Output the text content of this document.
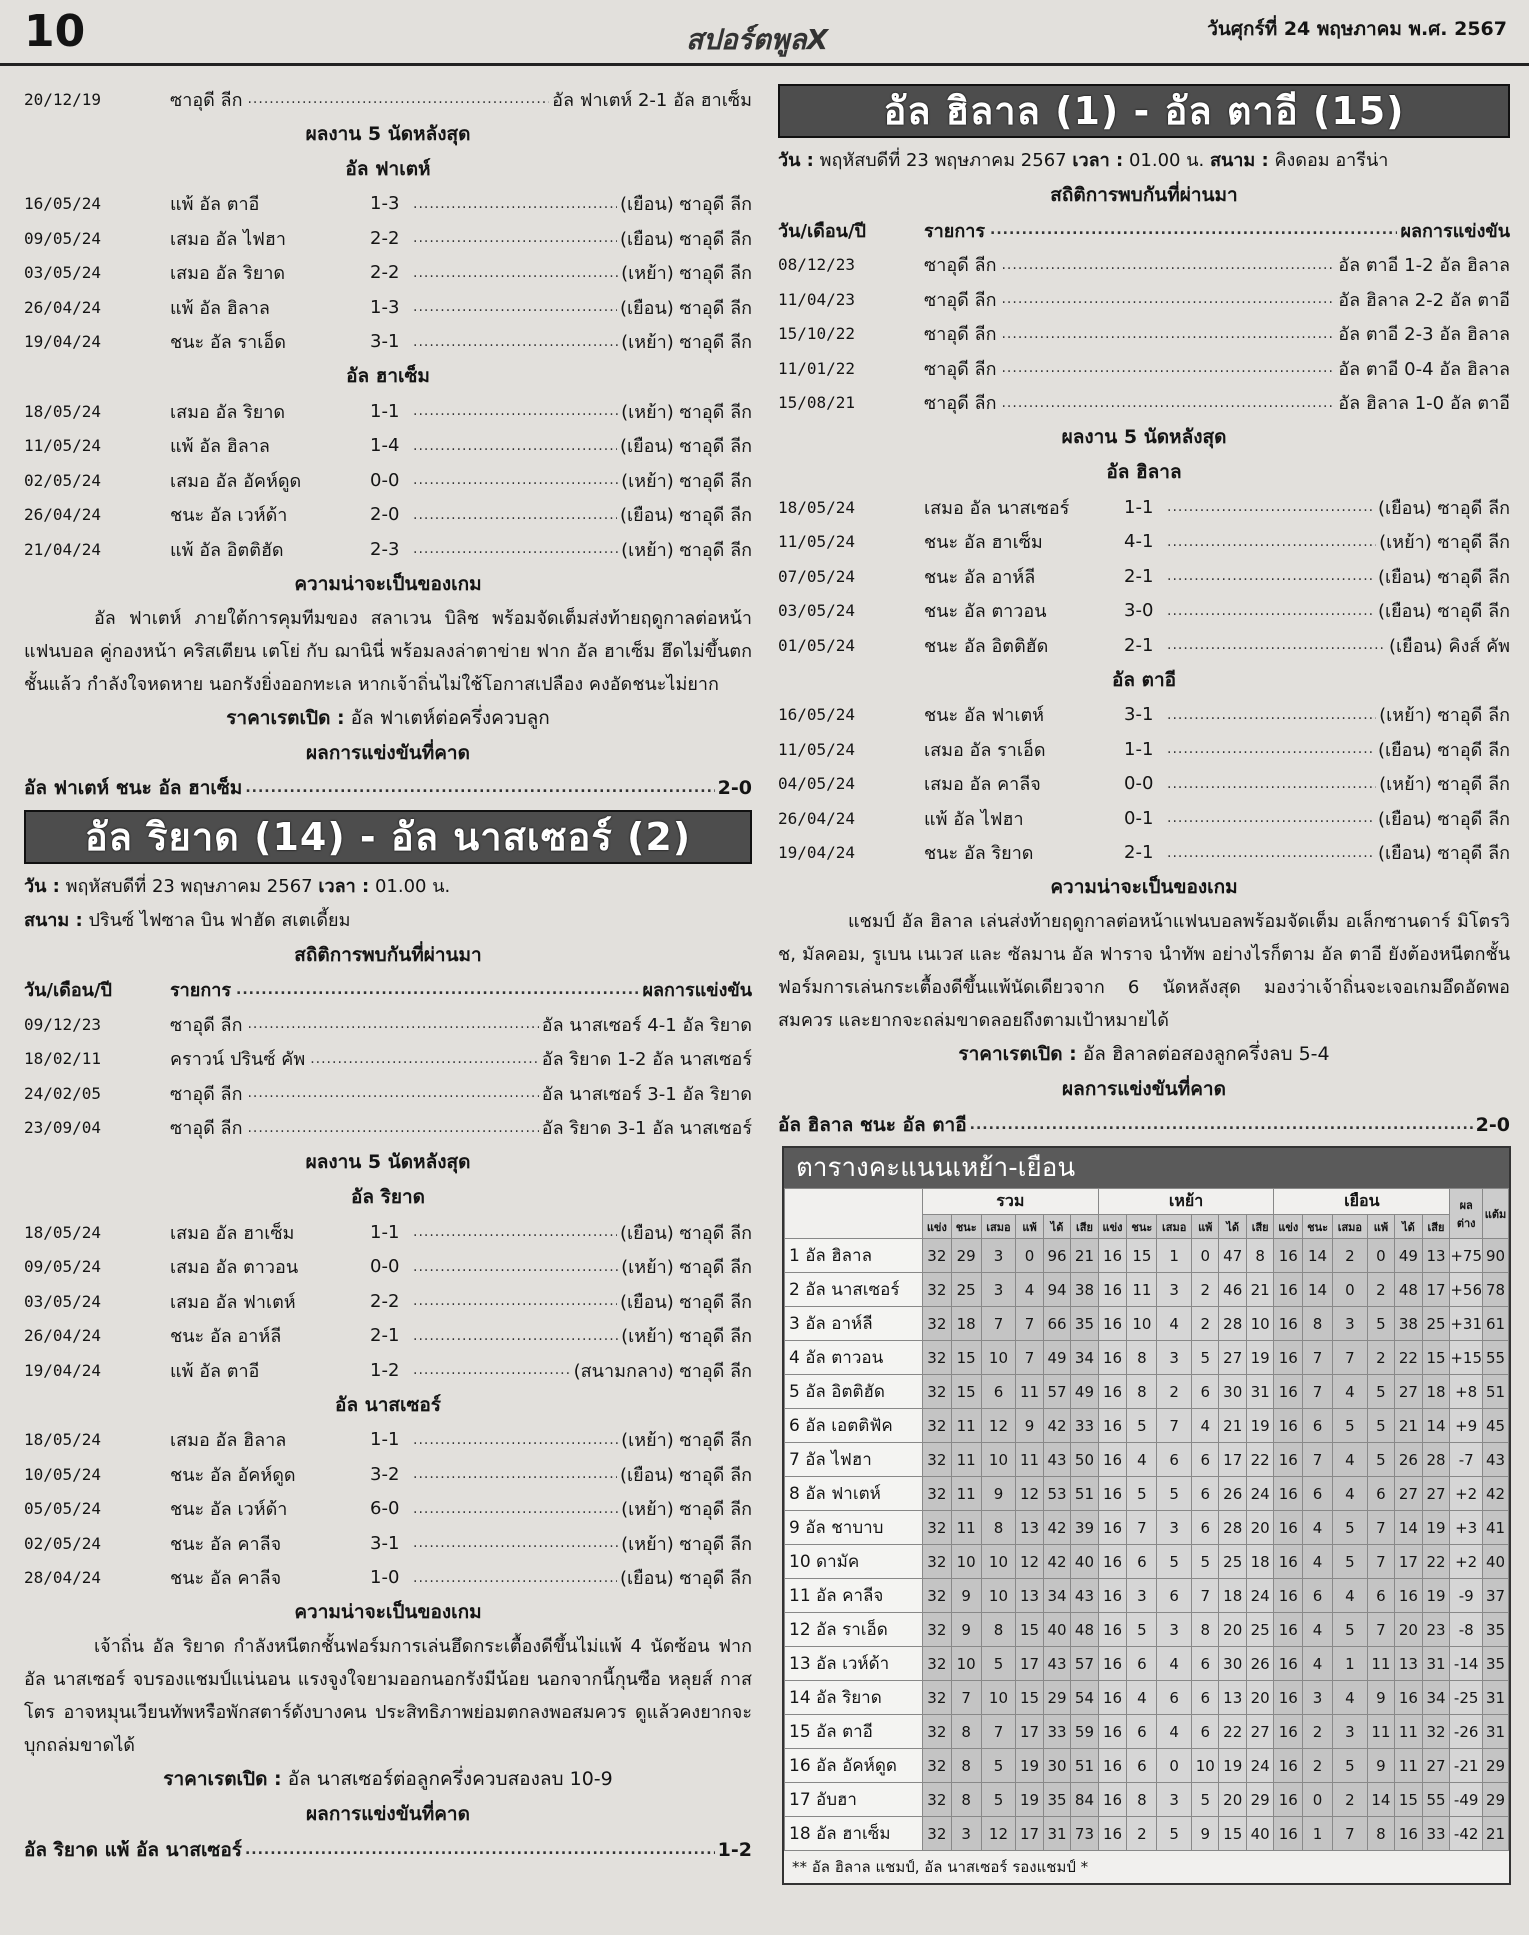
10	สปอร์ตพูลX	วันศุกร์ที่ 24 พฤษภาคม พ.ศ. 2567
20/12/19	ซาอุดี ลีก .....	อัล ฟาเตห์ 2-1 อัล ฮาเซ็ม
ผลงาน 5 นัดหลังสุด
อัล ฟาเตห์
16/05/24	แพ้ อัล ตาอี	1-3 .....	(เยือน) ซาอุดี ลีก
09/05/24	เสมอ อัล ไฟฮา	2-2 .....	(เยือน) ซาอุดี ลีก
03/05/24	เสมอ อัล ริยาด	2-2 .....	(เหย้า) ซาอุดี ลีก
26/04/24	แพ้ อัล ฮิลาล	1-3 .....	(เยือน) ซาอุดี ลีก
19/04/24	ชนะ อัล ราเอ็ด	3-1 .....	(เหย้า) ซาอุดี ลีก
อัล ฮาเซ็ม
18/05/24	เสมอ อัล ริยาด	1-1 .....	(เหย้า) ซาอุดี ลีก
11/05/24	แพ้ อัล ฮิลาล	1-4 .....	(เยือน) ซาอุดี ลีก
02/05/24	เสมอ อัล อัคห์ดูด	0-0 .....	(เหย้า) ซาอุดี ลีก
26/04/24	ชนะ อัล เวห์ด้า	2-0 .....	(เยือน) ซาอุดี ลีก
21/04/24	แพ้ อัล อิตติฮัด	2-3 .....	(เหย้า) ซาอุดี ลีก
ความน่าจะเป็นของเกม
อัล ฟาเตห์ ภายใต้การคุมทีมของ สลาเวน บิลิช พร้อมจัดเต็มส่งท้ายฤดูกาลต่อหน้าแฟนบอล คู่กองหน้า คริสเตียน เตโย่ กับ ฌานินี่ พร้อมลงล่าตาข่าย ฟาก อัล ฮาเซ็ม ฮึดไม่ขึ้นตกชั้นแล้ว กำลังใจหดหาย นอกรังยิ่งออกทะเล หากเจ้าถิ่นไม่ใช้โอกาสเปลือง คงอัดชนะไม่ยาก
ราคาเรตเปิด : อัล ฟาเตห์ต่อครึ่งควบลูก
ผลการแข่งขันที่คาด
อัล ฟาเตห์ ชนะ อัล ฮาเซ็ม .....	2-0
อัล ริยาด (14) - อัล นาสเซอร์ (2)
วัน : พฤหัสบดีที่ 23 พฤษภาคม 2567 เวลา : 01.00 น.
สนาม : ปรินซ์ ไฟซาล บิน ฟาฮัด สเตเดี้ยม
สถิติการพบกันที่ผ่านมา
วัน/เดือน/ปี	รายการ .....	ผลการแข่งขัน
09/12/23	ซาอุดี ลีก .....	อัล นาสเซอร์ 4-1 อัล ริยาด
18/02/11	คราวน์ ปรินซ์ คัพ .....	อัล ริยาด 1-2 อัล นาสเซอร์
24/02/05	ซาอุดี ลีก .....	อัล นาสเซอร์ 3-1 อัล ริยาด
23/09/04	ซาอุดี ลีก .....	อัล ริยาด 3-1 อัล นาสเซอร์
ผลงาน 5 นัดหลังสุด
อัล ริยาด
18/05/24	เสมอ อัล ฮาเซ็ม	1-1 .....	(เยือน) ซาอุดี ลีก
09/05/24	เสมอ อัล ตาวอน	0-0 .....	(เหย้า) ซาอุดี ลีก
03/05/24	เสมอ อัล ฟาเตห์	2-2 .....	(เยือน) ซาอุดี ลีก
26/04/24	ชนะ อัล อาห์ลี	2-1 .....	(เหย้า) ซาอุดี ลีก
19/04/24	แพ้ อัล ตาอี	1-2 .....	(สนามกลาง) ซาอุดี ลีก
อัล นาสเซอร์
18/05/24	เสมอ อัล ฮิลาล	1-1 .....	(เหย้า) ซาอุดี ลีก
10/05/24	ชนะ อัล อัคห์ดูด	3-2 .....	(เยือน) ซาอุดี ลีก
05/05/24	ชนะ อัล เวห์ด้า	6-0 .....	(เหย้า) ซาอุดี ลีก
02/05/24	ชนะ อัล คาลีจ	3-1 .....	(เหย้า) ซาอุดี ลีก
28/04/24	ชนะ อัล คาลีจ	1-0 .....	(เยือน) ซาอุดี ลีก
ความน่าจะเป็นของเกม
เจ้าถิ่น อัล ริยาด กำลังหนีตกชั้นฟอร์มการเล่นฮึดกระเตื้องดีขึ้นไม่แพ้ 4 นัดซ้อน ฟาก อัล นาสเซอร์ จบรองแชมป์แน่นอน แรงจูงใจยามออกนอกรังมีน้อย นอกจากนี้กุนซือ หลุยส์ กาสโตร อาจหมุนเวียนทัพหรือพักสตาร์ดังบางคน ประสิทธิภาพย่อมตกลงพอสมควร ดูแล้วคงยากจะบุกถล่มขาดได้
ราคาเรตเปิด : อัล นาสเซอร์ต่อลูกครึ่งควบสองลบ 10-9
ผลการแข่งขันที่คาด
อัล ริยาด แพ้ อัล นาสเซอร์ .....	1-2
อัล ฮิลาล (1) - อัล ตาอี (15)
วัน : พฤหัสบดีที่ 23 พฤษภาคม 2567 เวลา : 01.00 น. สนาม : คิงดอม อารีน่า
สถิติการพบกันที่ผ่านมา
วัน/เดือน/ปี	รายการ .....	ผลการแข่งขัน
08/12/23	ซาอุดี ลีก .....	อัล ตาอี 1-2 อัล ฮิลาล
11/04/23	ซาอุดี ลีก .....	อัล ฮิลาล 2-2 อัล ตาอี
15/10/22	ซาอุดี ลีก .....	อัล ตาอี 2-3 อัล ฮิลาล
11/01/22	ซาอุดี ลีก .....	อัล ตาอี 0-4 อัล ฮิลาล
15/08/21	ซาอุดี ลีก .....	อัล ฮิลาล 1-0 อัล ตาอี
ผลงาน 5 นัดหลังสุด
อัล ฮิลาล
18/05/24	เสมอ อัล นาสเซอร์	1-1 .....	(เยือน) ซาอุดี ลีก
11/05/24	ชนะ อัล ฮาเซ็ม	4-1 .....	(เหย้า) ซาอุดี ลีก
07/05/24	ชนะ อัล อาห์ลี	2-1 .....	(เยือน) ซาอุดี ลีก
03/05/24	ชนะ อัล ตาวอน	3-0 .....	(เยือน) ซาอุดี ลีก
01/05/24	ชนะ อัล อิตติฮัด	2-1 .....	(เยือน) คิงส์ คัพ
อัล ตาอี
16/05/24	ชนะ อัล ฟาเตห์	3-1 .....	(เหย้า) ซาอุดี ลีก
11/05/24	เสมอ อัล ราเอ็ด	1-1 .....	(เยือน) ซาอุดี ลีก
04/05/24	เสมอ อัล คาลีจ	0-0 .....	(เหย้า) ซาอุดี ลีก
26/04/24	แพ้ อัล ไฟฮา	0-1 .....	(เยือน) ซาอุดี ลีก
19/04/24	ชนะ อัล ริยาด	2-1 .....	(เยือน) ซาอุดี ลีก
ความน่าจะเป็นของเกม
แชมป์ อัล ฮิลาล เล่นส่งท้ายฤดูกาลต่อหน้าแฟนบอลพร้อมจัดเต็ม อเล็กซานดาร์ มิโตรวิช, มัลคอม, รูเบน เนเวส และ ซัลมาน อัล ฟาราจ นำทัพ อย่างไรก็ตาม อัล ตาอี ยังต้องหนีตกชั้น ฟอร์มการเล่นกระเตื้องดีขึ้นแพ้นัดเดียวจาก 6 นัดหลังสุด มองว่าเจ้าถิ่นจะเจอเกมอึดอัดพอสมควร และยากจะถล่มขาดลอยถึงตามเป้าหมายได้
ราคาเรตเปิด : อัล ฮิลาลต่อสองลูกครึ่งลบ 5-4
ผลการแข่งขันที่คาด
อัล ฮิลาล ชนะ อัล ตาอี .....	2-0
ตารางคะแนนเหย้า-เยือน
	รวม						เหย้า						เยือน						ผลต่าง	แต้ม
	แข่ง	ชนะ	เสมอ	แพ้	ได้	เสีย	แข่ง	ชนะ	เสมอ	แพ้	ได้	เสีย	แข่ง	ชนะ	เสมอ	แพ้	ได้	เสีย		
1 อัล ฮิลาล	32	29	3	0	96	21	16	15	1	0	47	8	16	14	2	0	49	13	+75	90
2 อัล นาสเซอร์	32	25	3	4	94	38	16	11	3	2	46	21	16	14	0	2	48	17	+56	78
3 อัล อาห์ลี	32	18	7	7	66	35	16	10	4	2	28	10	16	8	3	5	38	25	+31	61
4 อัล ตาวอน	32	15	10	7	49	34	16	8	3	5	27	19	16	7	7	2	22	15	+15	55
5 อัล อิตติฮัด	32	15	6	11	57	49	16	8	2	6	30	31	16	7	4	5	27	18	+8	51
6 อัล เอตติฟัค	32	11	12	9	42	33	16	5	7	4	21	19	16	6	5	5	21	14	+9	45
7 อัล ไฟฮา	32	11	10	11	43	50	16	4	6	6	17	22	16	7	4	5	26	28	-7	43
8 อัล ฟาเตห์	32	11	9	12	53	51	16	5	5	6	26	24	16	6	4	6	27	27	+2	42
9 อัล ชาบาบ	32	11	8	13	42	39	16	7	3	6	28	20	16	4	5	7	14	19	+3	41
10 ดามัค	32	10	10	12	42	40	16	6	5	5	25	18	16	4	5	7	17	22	+2	40
11 อัล คาลีจ	32	9	10	13	34	43	16	3	6	7	18	24	16	6	4	6	16	19	-9	37
12 อัล ราเอ็ด	32	9	8	15	40	48	16	5	3	8	20	25	16	4	5	7	20	23	-8	35
13 อัล เวห์ด้า	32	10	5	17	43	57	16	6	4	6	30	26	16	4	1	11	13	31	-14	35
14 อัล ริยาด	32	7	10	15	29	54	16	4	6	6	13	20	16	3	4	9	16	34	-25	31
15 อัล ตาอี	32	8	7	17	33	59	16	6	4	6	22	27	16	2	3	11	11	32	-26	31
16 อัล อัคห์ดูด	32	8	5	19	30	51	16	6	0	10	19	24	16	2	5	9	11	27	-21	29
17 อับฮา	32	8	5	19	35	84	16	8	3	5	20	29	16	0	2	14	15	55	-49	29
18 อัล ฮาเซ็ม	32	3	12	17	31	73	16	2	5	9	15	40	16	1	7	8	16	33	-42	21
** อัล ฮิลาล แชมป์, อัล นาสเซอร์ รองแชมป์ *
